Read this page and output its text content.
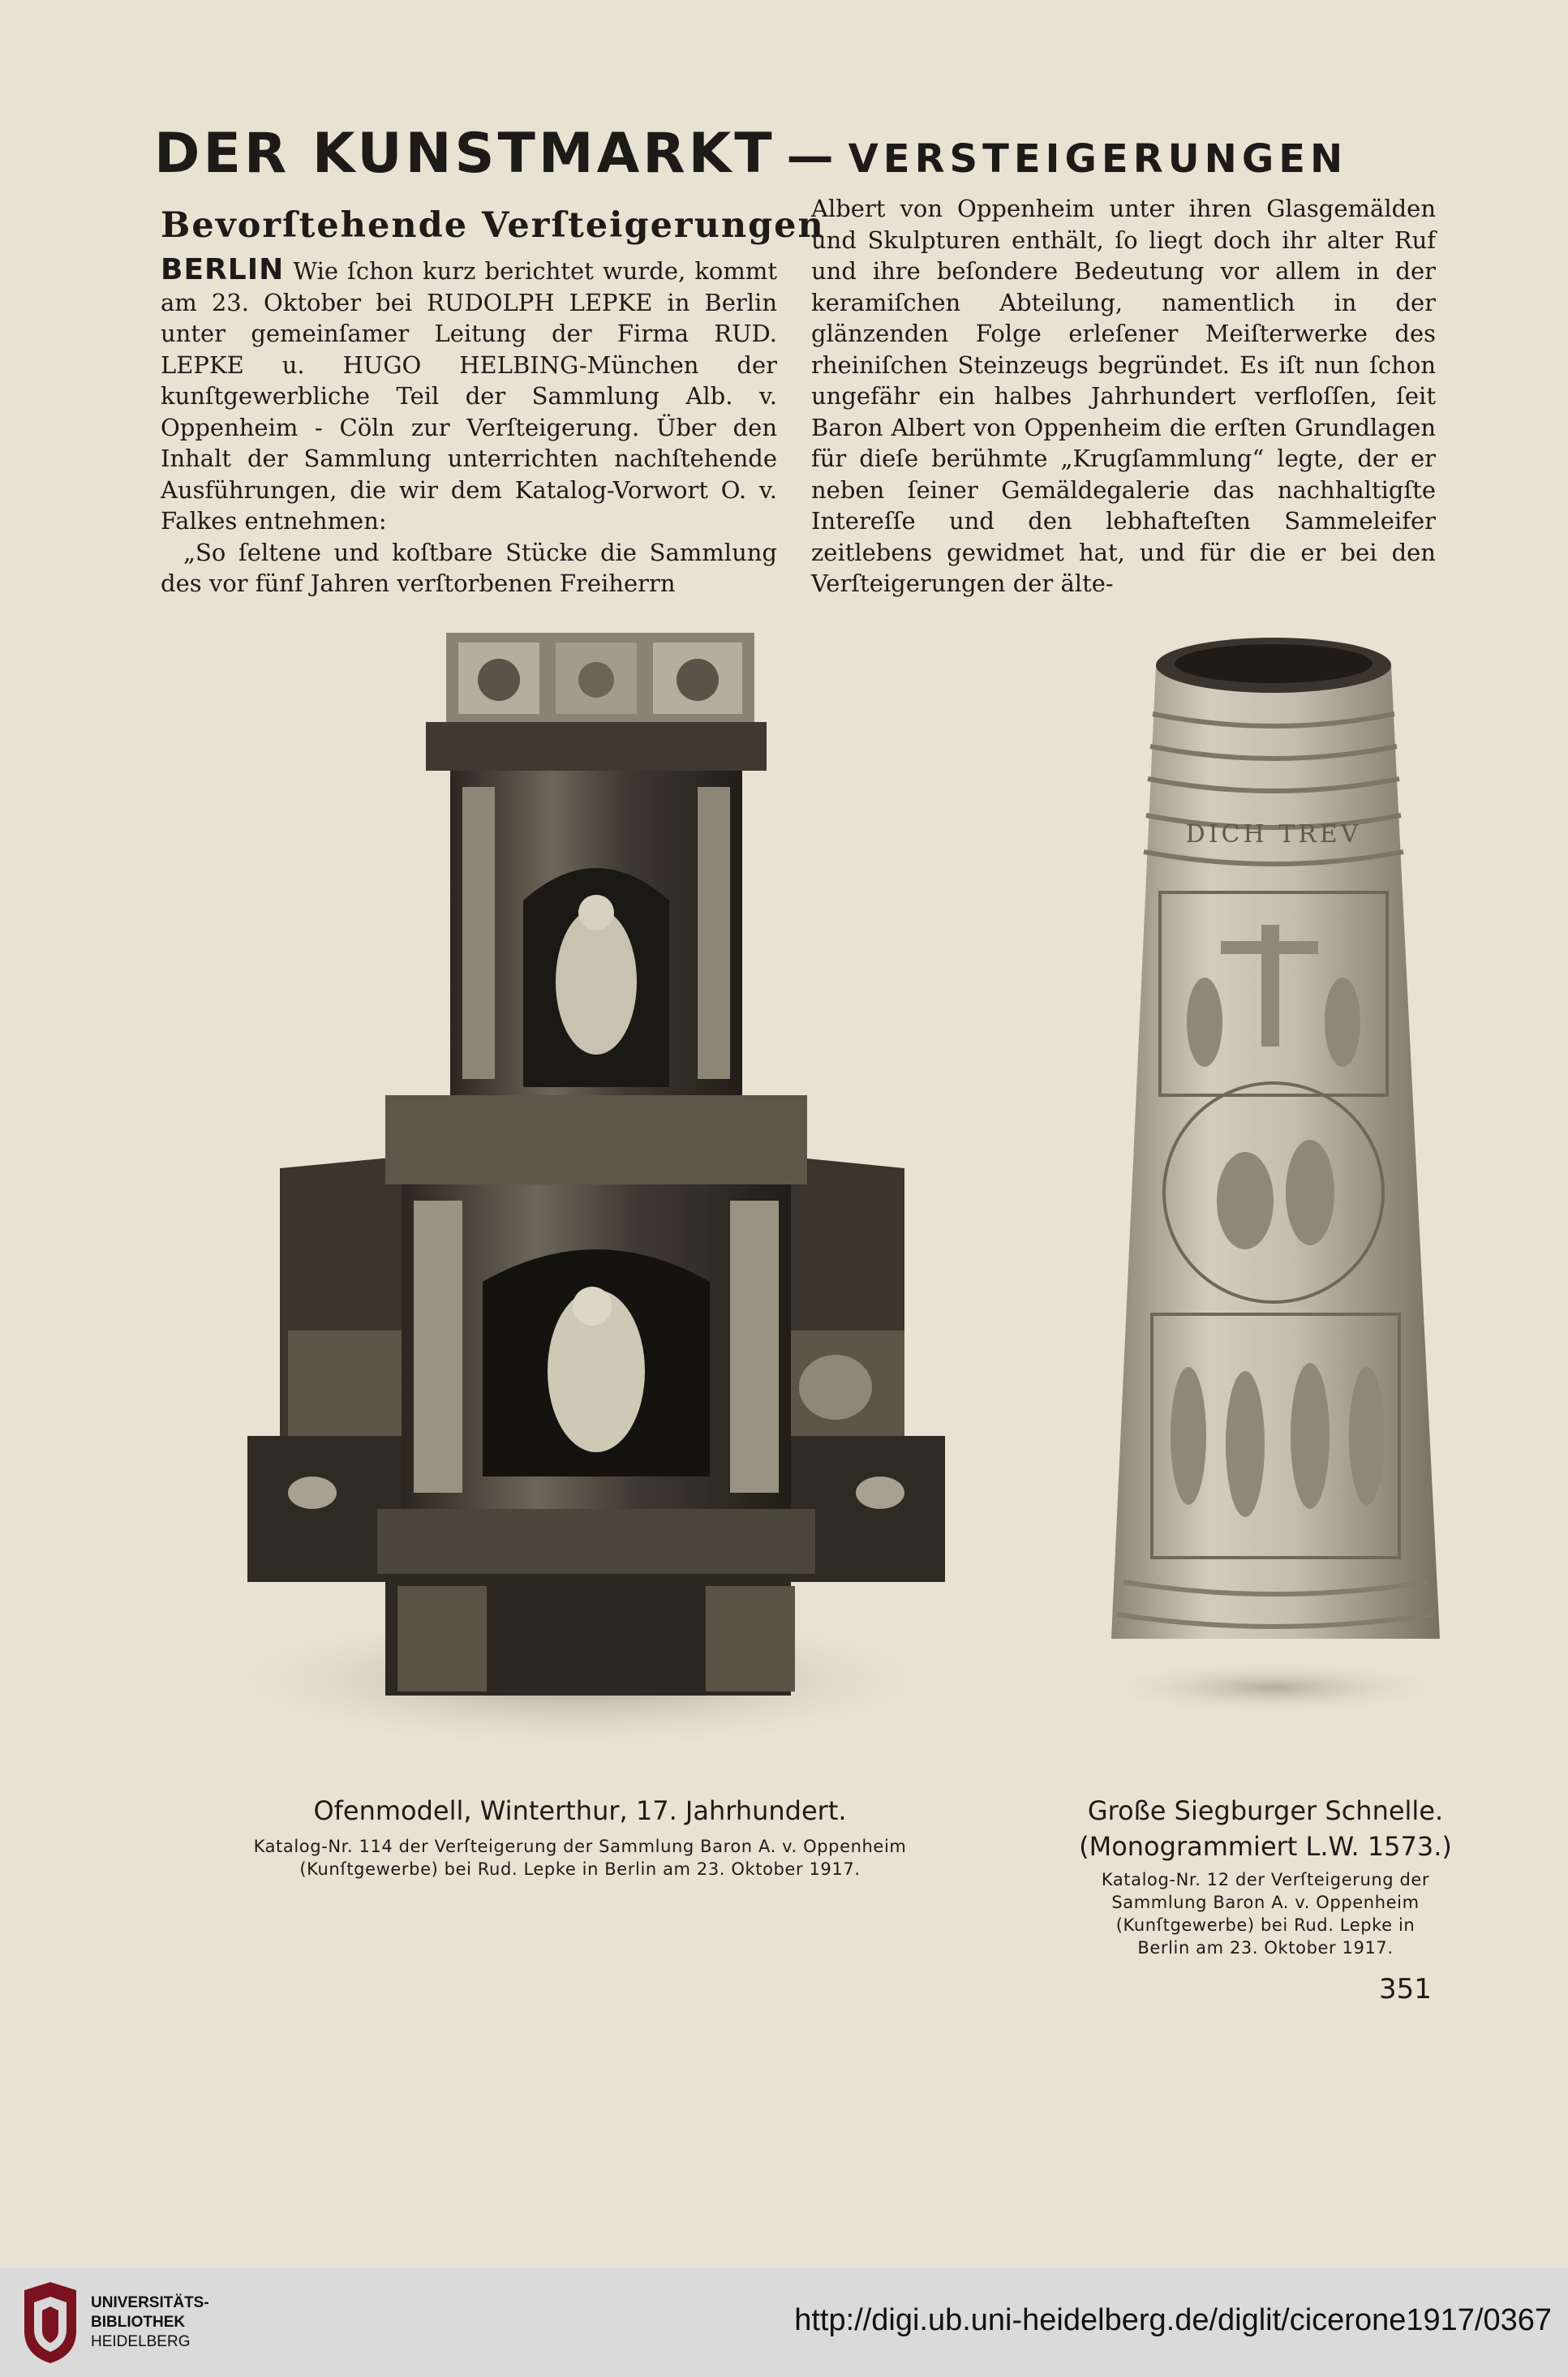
DER KUNSTMARKT — VERSTEIGERUNGEN
Bevorſtehende Verſteigerungen
BERLIN Wie ſchon kurz berichtet wurde, kommt am 23. Oktober bei RUDOLPH LEPKE in Berlin unter gemeinſamer Leitung der Firma RUD. LEPKE u. HUGO HELBING-München der kunſtgewerbliche Teil der Sammlung Alb. v. Oppenheim - Cöln zur Verſteigerung. Über den Inhalt der Sammlung unterrichten nachſtehende Ausführungen, die wir dem Katalog-Vorwort O. v. Falkes entnehmen:
„So ſeltene und koſtbare Stücke die Sammlung des vor fünf Jahren verſtorbenen Freiherrn
Albert von Oppenheim unter ihren Glasgemälden und Skulpturen enthält, ſo liegt doch ihr alter Ruf und ihre beſondere Bedeutung vor allem in der keramiſchen Abteilung, namentlich in der glänzenden Folge erleſener Meiſterwerke des rheiniſchen Steinzeugs begründet. Es iſt nun ſchon ungefähr ein halbes Jahrhundert verfloſſen, ſeit Baron Albert von Oppenheim die erſten Grundlagen für dieſe berühmte „Krugſammlung“ legte, der er neben ſeiner Gemäldegalerie das nachhaltigſte Intereſſe und den lebhafteſten Sammeleifer zeitlebens gewidmet hat, und für die er bei den Verſteigerungen der älte-
DICH TREV
Ofenmodell, Winterthur, 17. Jahrhundert.
Katalog-Nr. 114 der Verſteigerung der Sammlung Baron A. v. Oppenheim
(Kunſtgewerbe) bei Rud. Lepke in Berlin am 23. Oktober 1917.
Große Siegburger Schnelle.
(Monogrammiert L.W. 1573.)
Katalog-Nr. 12 der Verſteigerung der
Sammlung Baron A. v. Oppenheim
(Kunſtgewerbe) bei Rud. Lepke in
Berlin am 23. Oktober 1917.
351
UNIVERSITÄTS-
BIBLIOTHEK
HEIDELBERG
http://digi.ub.uni-heidelberg.de/diglit/cicerone1917/0367
